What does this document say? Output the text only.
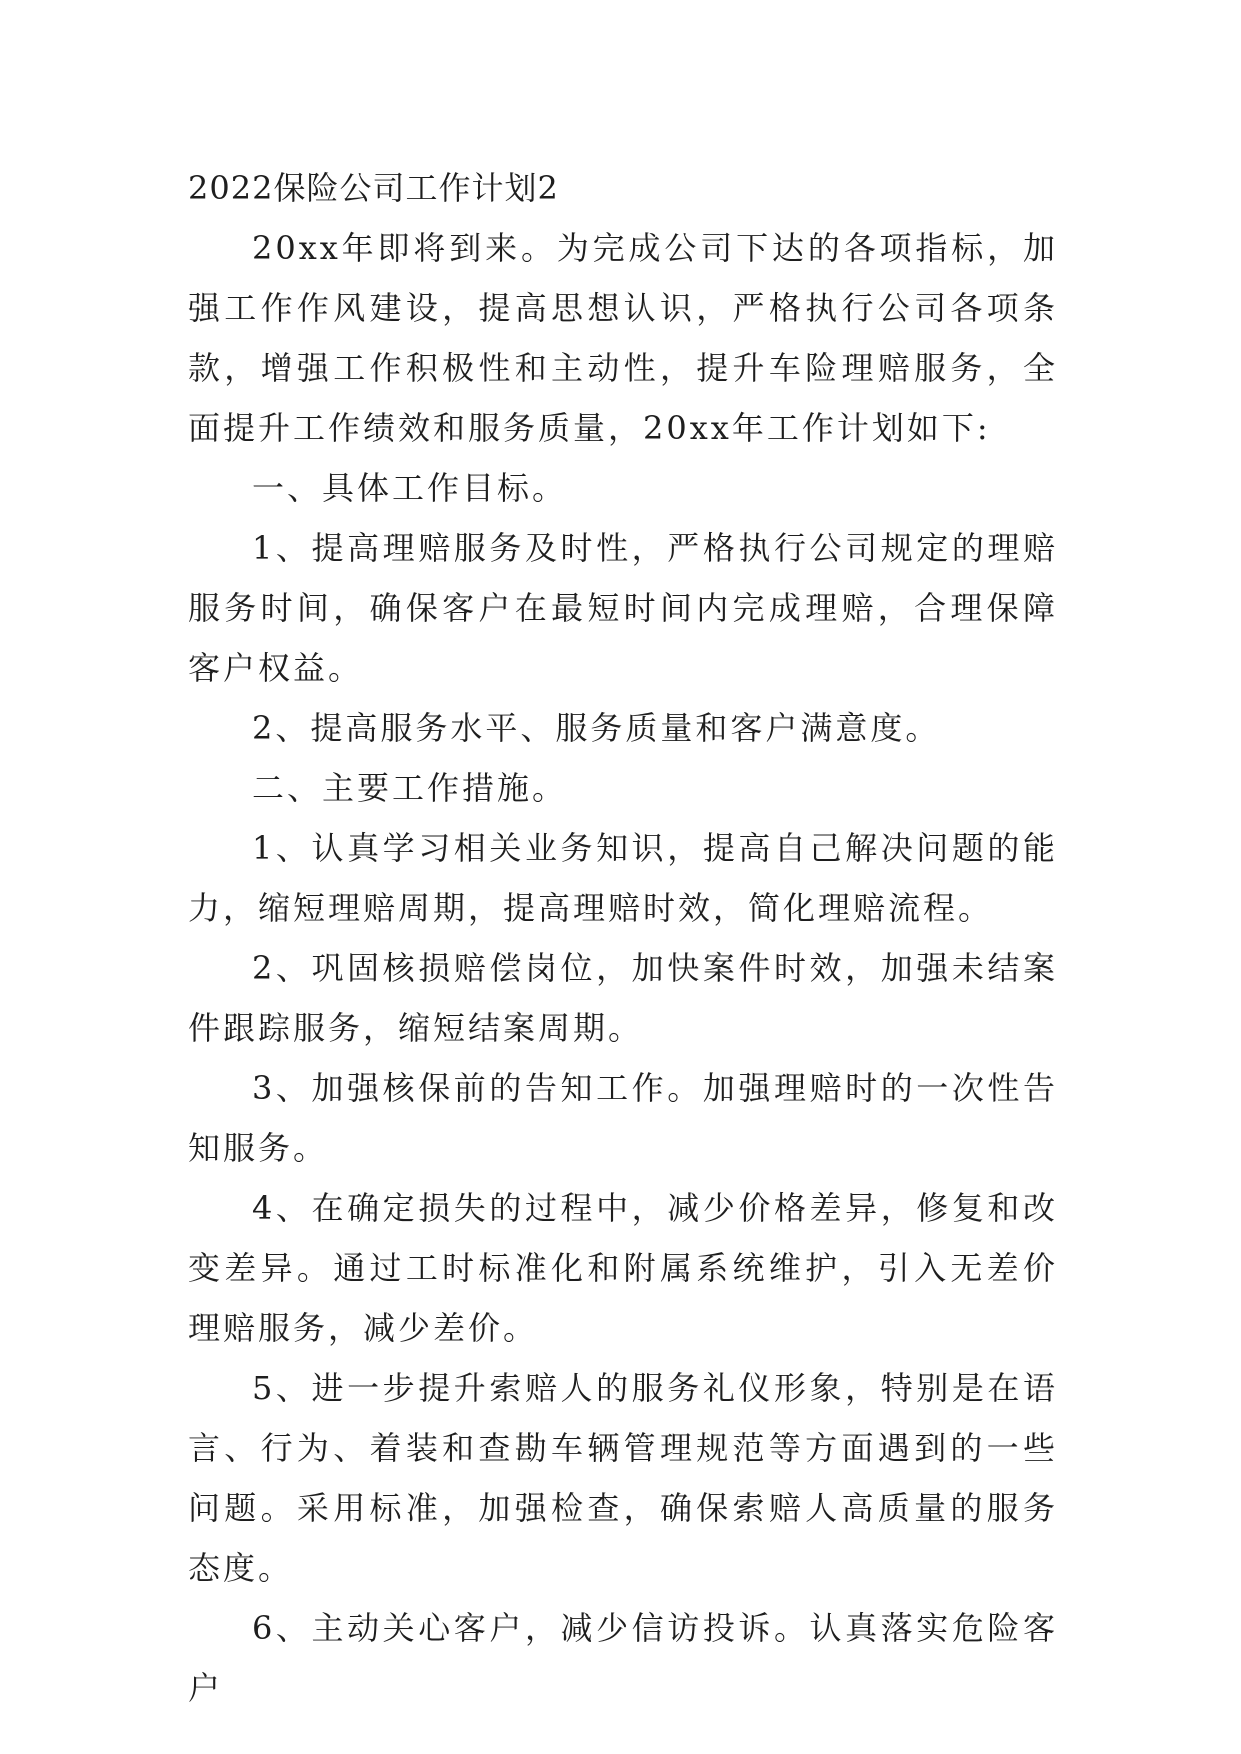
2022保险公司工作计划2

20xx年即将到来。为完成公司下达的各项指标，加强工作作风建设，提高思想认识，严格执行公司各项条款，增强工作积极性和主动性，提升车险理赔服务，全面提升工作绩效和服务质量，20xx年工作计划如下:

一、具体工作目标。

1、提高理赔服务及时性，严格执行公司规定的理赔服务时间，确保客户在最短时间内完成理赔，合理保障客户权益。

2、提高服务水平、服务质量和客户满意度。

二、主要工作措施。

1、认真学习相关业务知识，提高自己解决问题的能力，缩短理赔周期，提高理赔时效，简化理赔流程。

2、巩固核损赔偿岗位，加快案件时效，加强未结案件跟踪服务，缩短结案周期。

3、加强核保前的告知工作。加强理赔时的一次性告知服务。

4、在确定损失的过程中，减少价格差异，修复和改变差异。通过工时标准化和附属系统维护，引入无差价理赔服务，减少差价。

5、进一步提升索赔人的服务礼仪形象，特别是在语言、行为、着装和查勘车辆管理规范等方面遇到的一些问题。采用标准，加强检查，确保索赔人高质量的服务态度。

6、主动关心客户，减少信访投诉。认真落实危险客户
